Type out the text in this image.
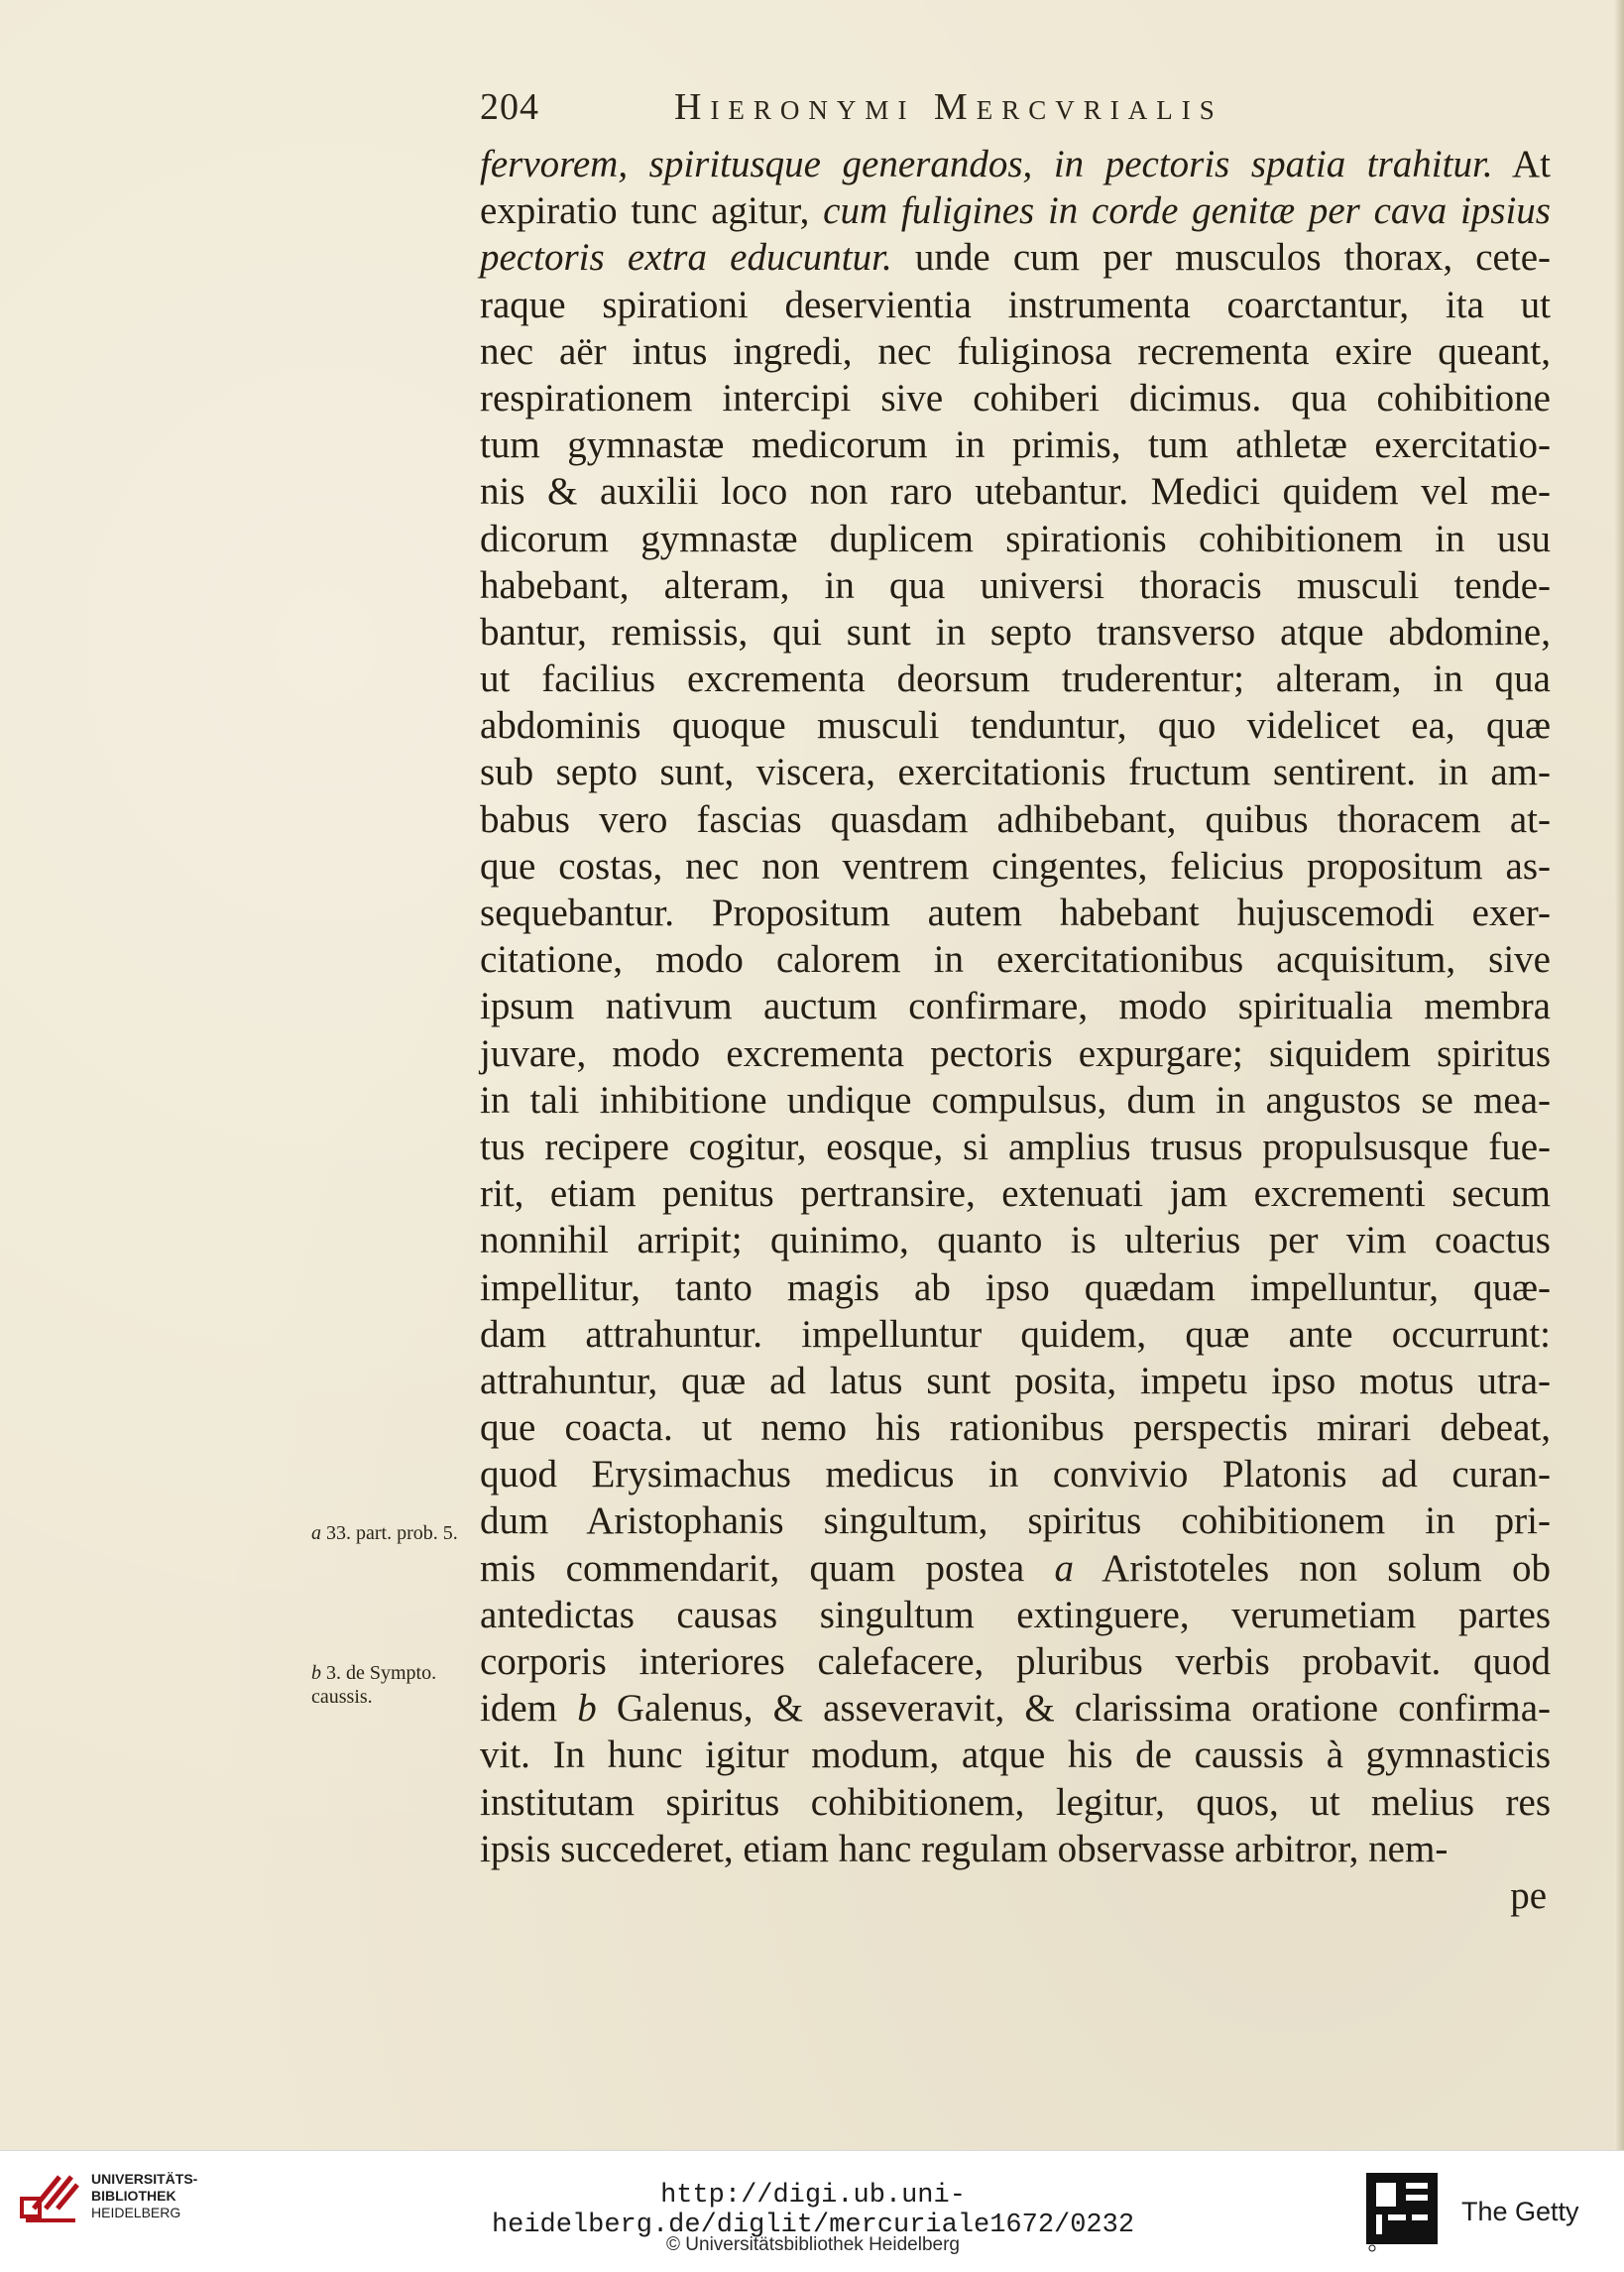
204	Hieronymi Mercvrialis
fervorem, spiritusque generandos, in pectoris spatia trahitur. At
expiratio tunc agitur, cum fuligines in corde genitæ per cava ipsius
pectoris extra educuntur. unde cum per musculos thorax, cete-
raque spirationi deservientia instrumenta coarctantur, ita ut
nec aër intus ingredi, nec fuliginosa recrementa exire queant,
respirationem intercipi sive cohiberi dicimus. qua cohibitione
tum gymnastæ medicorum in primis, tum athletæ exercitatio-
nis & auxilii loco non raro utebantur. Medici quidem vel me-
dicorum gymnastæ duplicem spirationis cohibitionem in usu
habebant, alteram, in qua universi thoracis musculi tende-
bantur, remissis, qui sunt in septo transverso atque abdomine,
ut facilius excrementa deorsum truderentur; alteram, in qua
abdominis quoque musculi tenduntur, quo videlicet ea, quæ
sub septo sunt, viscera, exercitationis fructum sentirent. in am-
babus vero fascias quasdam adhibebant, quibus thoracem at-
que costas, nec non ventrem cingentes, felicius propositum as-
sequebantur. Propositum autem habebant hujuscemodi exer-
citatione, modo calorem in exercitationibus acquisitum, sive
ipsum nativum auctum confirmare, modo spiritualia membra
juvare, modo excrementa pectoris expurgare; siquidem spiritus
in tali inhibitione undique compulsus, dum in angustos se mea-
tus recipere cogitur, eosque, si amplius trusus propulsusque fue-
rit, etiam penitus pertransire, extenuati jam excrementi secum
nonnihil arripit; quinimo, quanto is ulterius per vim coactus
impellitur, tanto magis ab ipso quædam impelluntur, quæ-
dam attrahuntur. impelluntur quidem, quæ ante occurrunt:
attrahuntur, quæ ad latus sunt posita, impetu ipso motus utra-
que coacta. ut nemo his rationibus perspectis mirari debeat,
quod Erysimachus medicus in convivio Platonis ad curan-
dum Aristophanis singultum, spiritus cohibitionem in pri-
mis commendarit, quam postea a Aristoteles non solum ob
antedictas causas singultum extinguere, verumetiam partes
corporis interiores calefacere, pluribus verbis probavit. quod
idem b Galenus, & asseveravit, & clarissima oratione confirma-
vit. In hunc igitur modum, atque his de caussis à gymnasticis
institutam spiritus cohibitionem, legitur, quos, ut melius res
ipsis succederet, etiam hanc regulam observasse arbitror, nem-
pe
a 33. part. prob. 5.
b 3. de Sympto. caussis.
UNIVERSITÄTS-
BIBLIOTHEK
HEIDELBERG
http://digi.ub.uni-heidelberg.de/diglit/mercuriale1672/0232
© Universitätsbibliothek Heidelberg
The Getty
